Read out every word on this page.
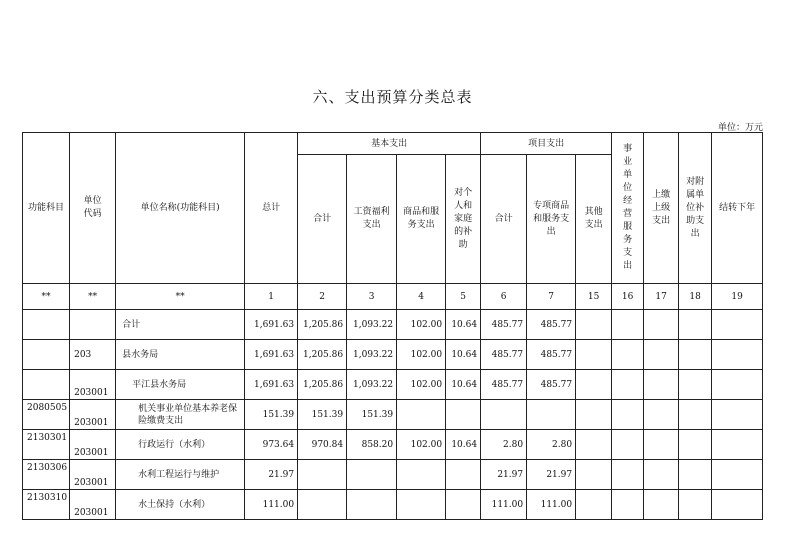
六、支出预算分类总表
单位：万元
功能科目	单位代码	单位名称(功能科目)	总计	基本支出				项目支出			事业单位经营服务支出	上缴上级支出	对附属单位补助支出	结转下年
				合计	工资福利支出	商品和服务支出	对个人和家庭的补助	合计	专项商品和服务支出	其他支出				
**	**	**	1	2	3	4	5	6	7	15	16	17	18	19
		合计	1,691.63	1,205.86	1,093.22	102.00	10.64	485.77	485.77					
	203	县水务局	1,691.63	1,205.86	1,093.22	102.00	10.64	485.77	485.77					
	203001	平江县水务局	1,691.63	1,205.86	1,093.22	102.00	10.64	485.77	485.77					
2080505	203001	机关事业单位基本养老保险缴费支出	151.39	151.39	151.39									
2130301	203001	行政运行（水利）	973.64	970.84	858.20	102.00	10.64	2.80	2.80					
2130306	203001	水利工程运行与维护	21.97					21.97	21.97					
2130310	203001	水土保持（水利）	111.00					111.00	111.00					
